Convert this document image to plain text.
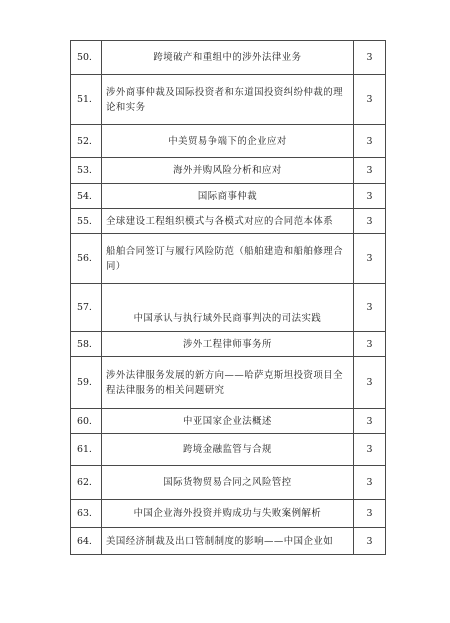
50.	跨境破产和重组中的涉外法律业务	3
51.	涉外商事仲裁及国际投资者和东道国投资纠纷仲裁的理论和实务	3
52.	中美贸易争端下的企业应对	3
53.	海外并购风险分析和应对	3
54.	国际商事仲裁	3
55.	全球建设工程组织模式与各模式对应的合同范本体系	3
56.	船舶合同签订与履行风险防范（船舶建造和船舶修理合同）	3
57.	中国承认与执行域外民商事判决的司法实践	3
58.	涉外工程律师事务所	3
59.	涉外法律服务发展的新方向——哈萨克斯坦投资项目全程法律服务的相关问题研究	3
60.	中亚国家企业法概述	3
61.	跨境金融监管与合规	3
62.	国际货物贸易合同之风险管控	3
63.	中国企业海外投资并购成功与失败案例解析	3
64.	美国经济制裁及出口管制制度的影响——中国企业如	3
